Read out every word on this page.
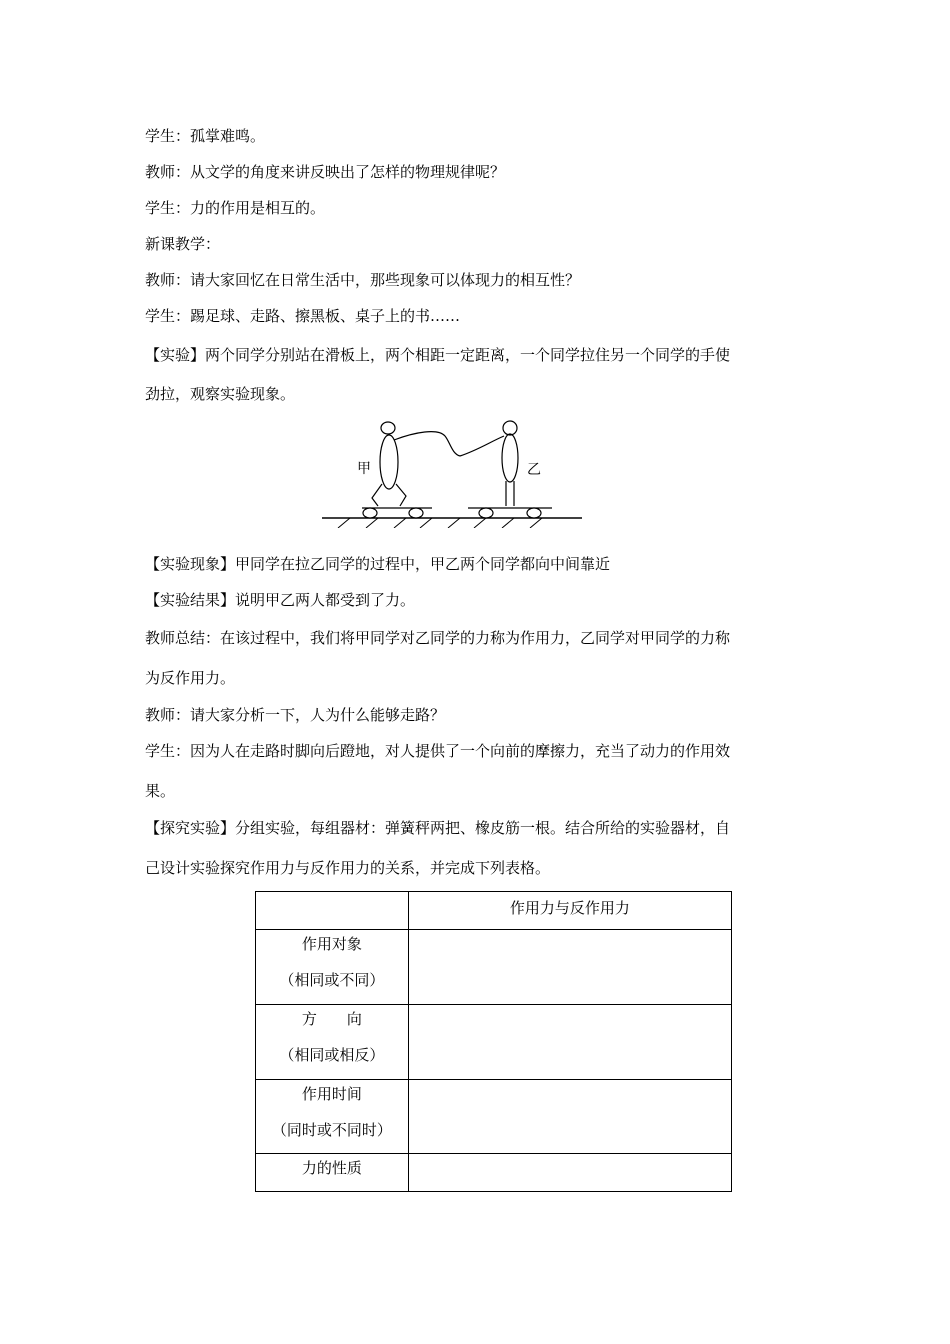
学生：孤掌难鸣。
教师：从文学的角度来讲反映出了怎样的物理规律呢？
学生：力的作用是相互的。
新课教学：
教师：请大家回忆在日常生活中，那些现象可以体现力的相互性？
学生：踢足球、走路、擦黑板、桌子上的书……
【实验】两个同学分别站在滑板上，两个相距一定距离，一个同学拉住另一个同学的手使
劲拉，观察实验现象。
甲	乙
【实验现象】甲同学在拉乙同学的过程中，甲乙两个同学都向中间靠近
【实验结果】说明甲乙两人都受到了力。
教师总结：在该过程中，我们将甲同学对乙同学的力称为作用力，乙同学对甲同学的力称
为反作用力。
教师：请大家分析一下，人为什么能够走路？
学生：因为人在走路时脚向后蹬地，对人提供了一个向前的摩擦力，充当了动力的作用效
果。
【探究实验】分组实验，每组器材：弹簧秤两把、橡皮筋一根。结合所给的实验器材，自
己设计实验探究作用力与反作用力的关系，并完成下列表格。

	作用力与反作用力

作用对象
（相同或不同）	

方　　向
（相同或相反）	

作用时间
（同时或不同时）	

力的性质	
